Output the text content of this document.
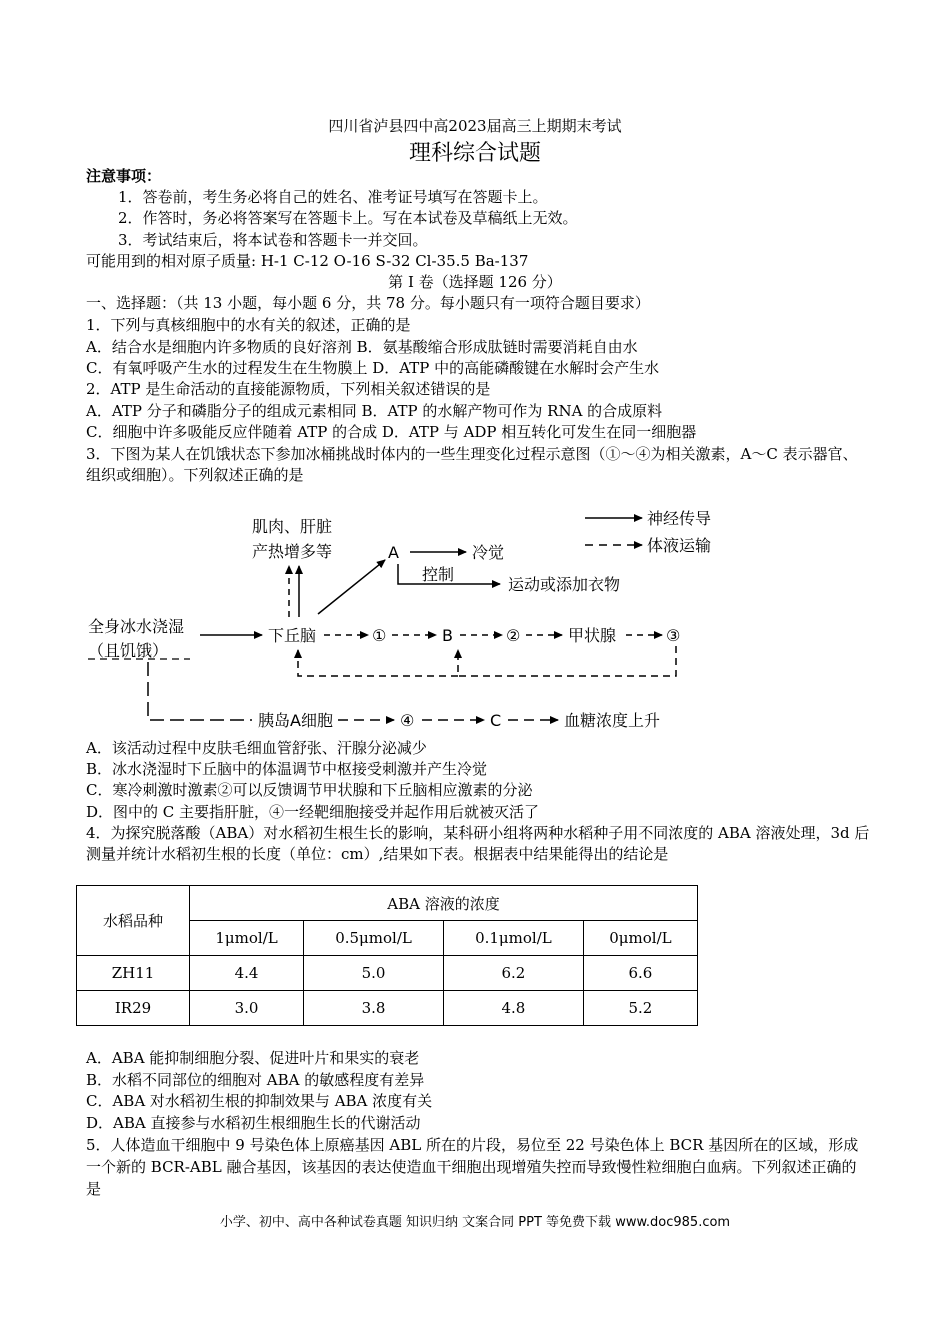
四川省泸县四中高2023届高三上期期末考试
理科综合试题
注意事项：
1．答卷前，考生务必将自己的姓名、准考证号填写在答题卡上。
2．作答时，务必将答案写在答题卡上。写在本试卷及草稿纸上无效。
3．考试结束后，将本试卷和答题卡一并交回。
可能用到的相对原子质量: H-1 C-12 O-16 S-32 Cl-35.5 Ba-137
第 Ⅰ 卷（选择题 126 分）
一、选择题：（共 13 小题，每小题 6 分，共 78 分。每小题只有一项符合题目要求）
1．下列与真核细胞中的水有关的叙述，正确的是
A．结合水是细胞内许多物质的良好溶剂 B．氨基酸缩合形成肽链时需要消耗自由水
C．有氧呼吸产生水的过程发生在生物膜上 D．ATP 中的高能磷酸键在水解时会产生水
2．ATP 是生命活动的直接能源物质，下列相关叙述错误的是
A．ATP 分子和磷脂分子的组成元素相同 B．ATP 的水解产物可作为 RNA 的合成原料
C．细胞中许多吸能反应伴随着 ATP 的合成 D．ATP 与 ADP 相互转化可发生在同一细胞器
3．下图为某人在饥饿状态下参加冰桶挑战时体内的一些生理变化过程示意图（①～④为相关激素，A～C 表示器官、组织或细胞）。下列叙述正确的是
神经传导
体液运输
肌肉、肝脏
产热增多等	A	冷觉
控制
运动或添加衣物
全身冰水浇湿
（且饥饿）
下丘脑	①	B	②	甲状腺	③
胰岛A细胞	④	C	血糖浓度上升
A．该活动过程中皮肤毛细血管舒张、汗腺分泌减少
B．冰水浇湿时下丘脑中的体温调节中枢接受刺激并产生冷觉
C．寒冷刺激时激素②可以反馈调节甲状腺和下丘脑相应激素的分泌
D．图中的 C 主要指肝脏，④一经靶细胞接受并起作用后就被灭活了
4．为探究脱落酸（ABA）对水稻初生根生长的影响，某科研小组将两种水稻种子用不同浓度的 ABA 溶液处理，3d 后测量并统计水稻初生根的长度（单位：cm）,结果如下表。根据表中结果能得出的结论是
水稻品种	ABA 溶液的浓度			
	1μmol/L	0.5μmol/L	0.1μmol/L	0μmol/L
ZH11	4.4	5.0	6.2	6.6
IR29	3.0	3.8	4.8	5.2
A．ABA 能抑制细胞分裂、促进叶片和果实的衰老
B．水稻不同部位的细胞对 ABA 的敏感程度有差异
C．ABA 对水稻初生根的抑制效果与 ABA 浓度有关
D．ABA 直接参与水稻初生根细胞生长的代谢活动
5．人体造血干细胞中 9 号染色体上原癌基因 ABL 所在的片段，易位至 22 号染色体上 BCR 基因所在的区域，形成一个新的 BCR-ABL 融合基因，该基因的表达使造血干细胞出现增殖失控而导致慢性粒细胞白血病。下列叙述正确的是
小学、初中、高中各种试卷真题 知识归纳 文案合同 PPT 等免费下载 www.doc985.com
